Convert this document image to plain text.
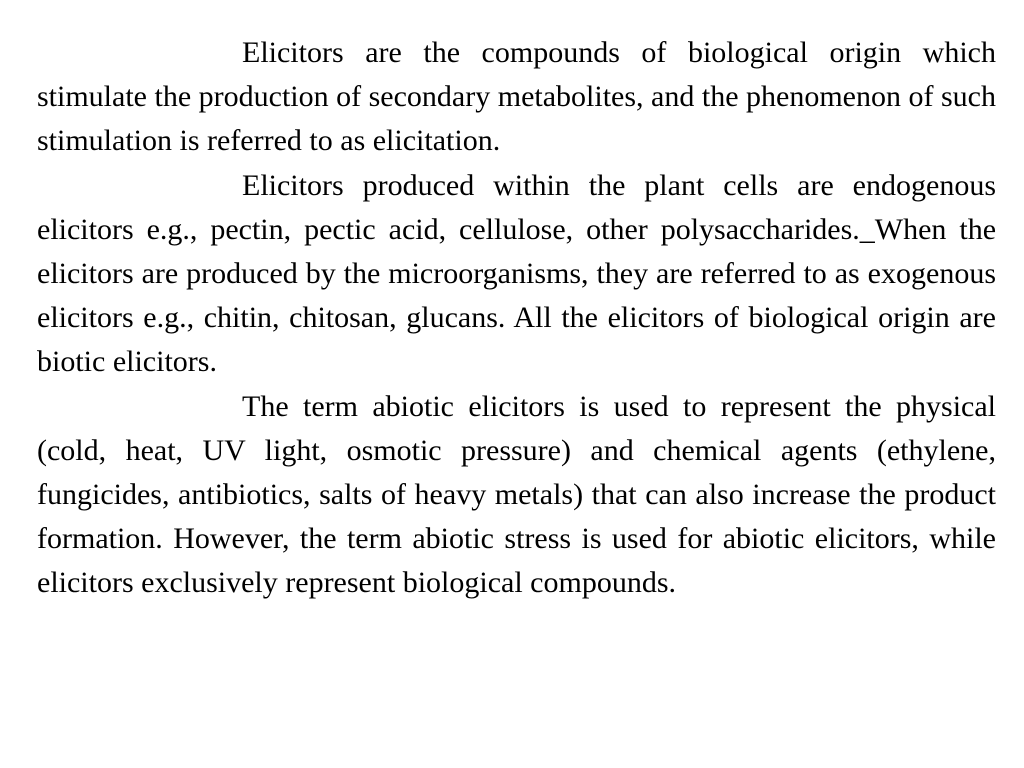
Elicitors are the compounds of biological origin which stimulate the production of secondary metabolites, and the phenomenon of such stimulation is referred to as elicitation.

Elicitors produced within the plant cells are endogenous elicitors e.g., pectin, pectic acid, cellulose, other polysaccharides._When the elicitors are produced by the microorganisms, they are referred to as exogenous elicitors e.g., chitin, chitosan, glucans. All the elicitors of biological origin are biotic elicitors.

The term abiotic elicitors is used to represent the physical (cold, heat, UV light, osmotic pressure) and chemical agents (ethylene, fungicides, antibiotics, salts of heavy metals) that can also increase the product formation. However, the term abiotic stress is used for abiotic elicitors, while elicitors exclusively represent biological compounds.
